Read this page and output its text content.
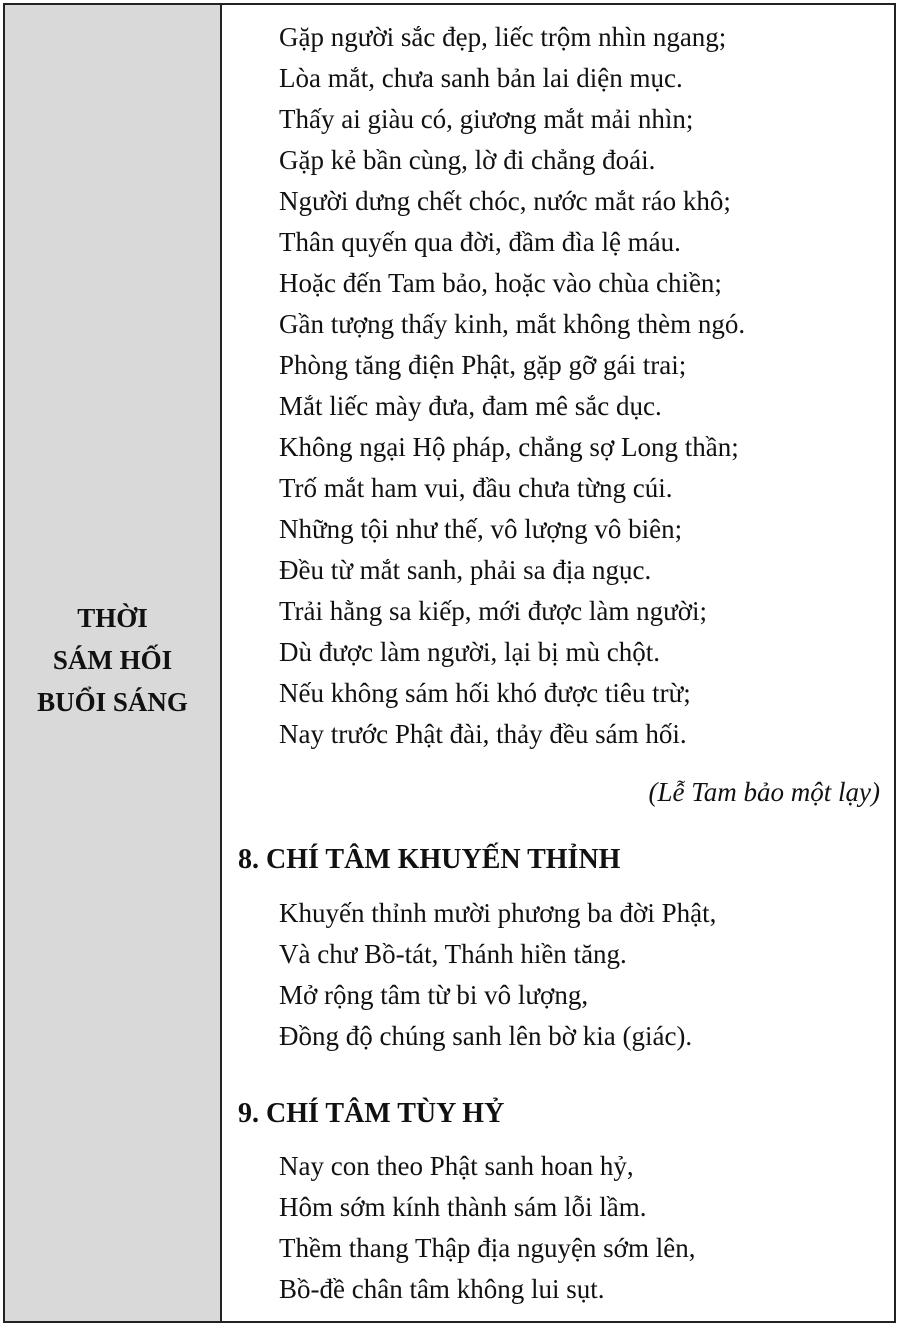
THỜI
SÁM HỐI
BUỔI SÁNG
Gặp người sắc đẹp, liếc trộm nhìn ngang;
Lòa mắt, chưa sanh bản lai diện mục.
Thấy ai giàu có, giương mắt mải nhìn;
Gặp kẻ bần cùng, lờ đi chẳng đoái.
Người dưng chết chóc, nước mắt ráo khô;
Thân quyến qua đời, đầm đìa lệ máu.
Hoặc đến Tam bảo, hoặc vào chùa chiền;
Gần tượng thấy kinh, mắt không thèm ngó.
Phòng tăng điện Phật, gặp gỡ gái trai;
Mắt liếc mày đưa, đam mê sắc dục.
Không ngại Hộ pháp, chẳng sợ Long thần;
Trố mắt ham vui, đầu chưa từng cúi.
Những tội như thế, vô lượng vô biên;
Đều từ mắt sanh, phải sa địa ngục.
Trải hằng sa kiếp, mới được làm người;
Dù được làm người, lại bị mù chột.
Nếu không sám hối khó được tiêu trừ;
Nay trước Phật đài, thảy đều sám hối.
(Lễ Tam bảo một lạy)
8. CHÍ TÂM KHUYẾN THỈNH
Khuyến thỉnh mười phương ba đời Phật,
Và chư Bồ-tát, Thánh hiền tăng.
Mở rộng tâm từ bi vô lượng,
Đồng độ chúng sanh lên bờ kia (giác).
9. CHÍ TÂM TÙY HỶ
Nay con theo Phật sanh hoan hỷ,
Hôm sớm kính thành sám lỗi lầm.
Thềm thang Thập địa nguyện sớm lên,
Bồ-đề chân tâm không lui sụt.
